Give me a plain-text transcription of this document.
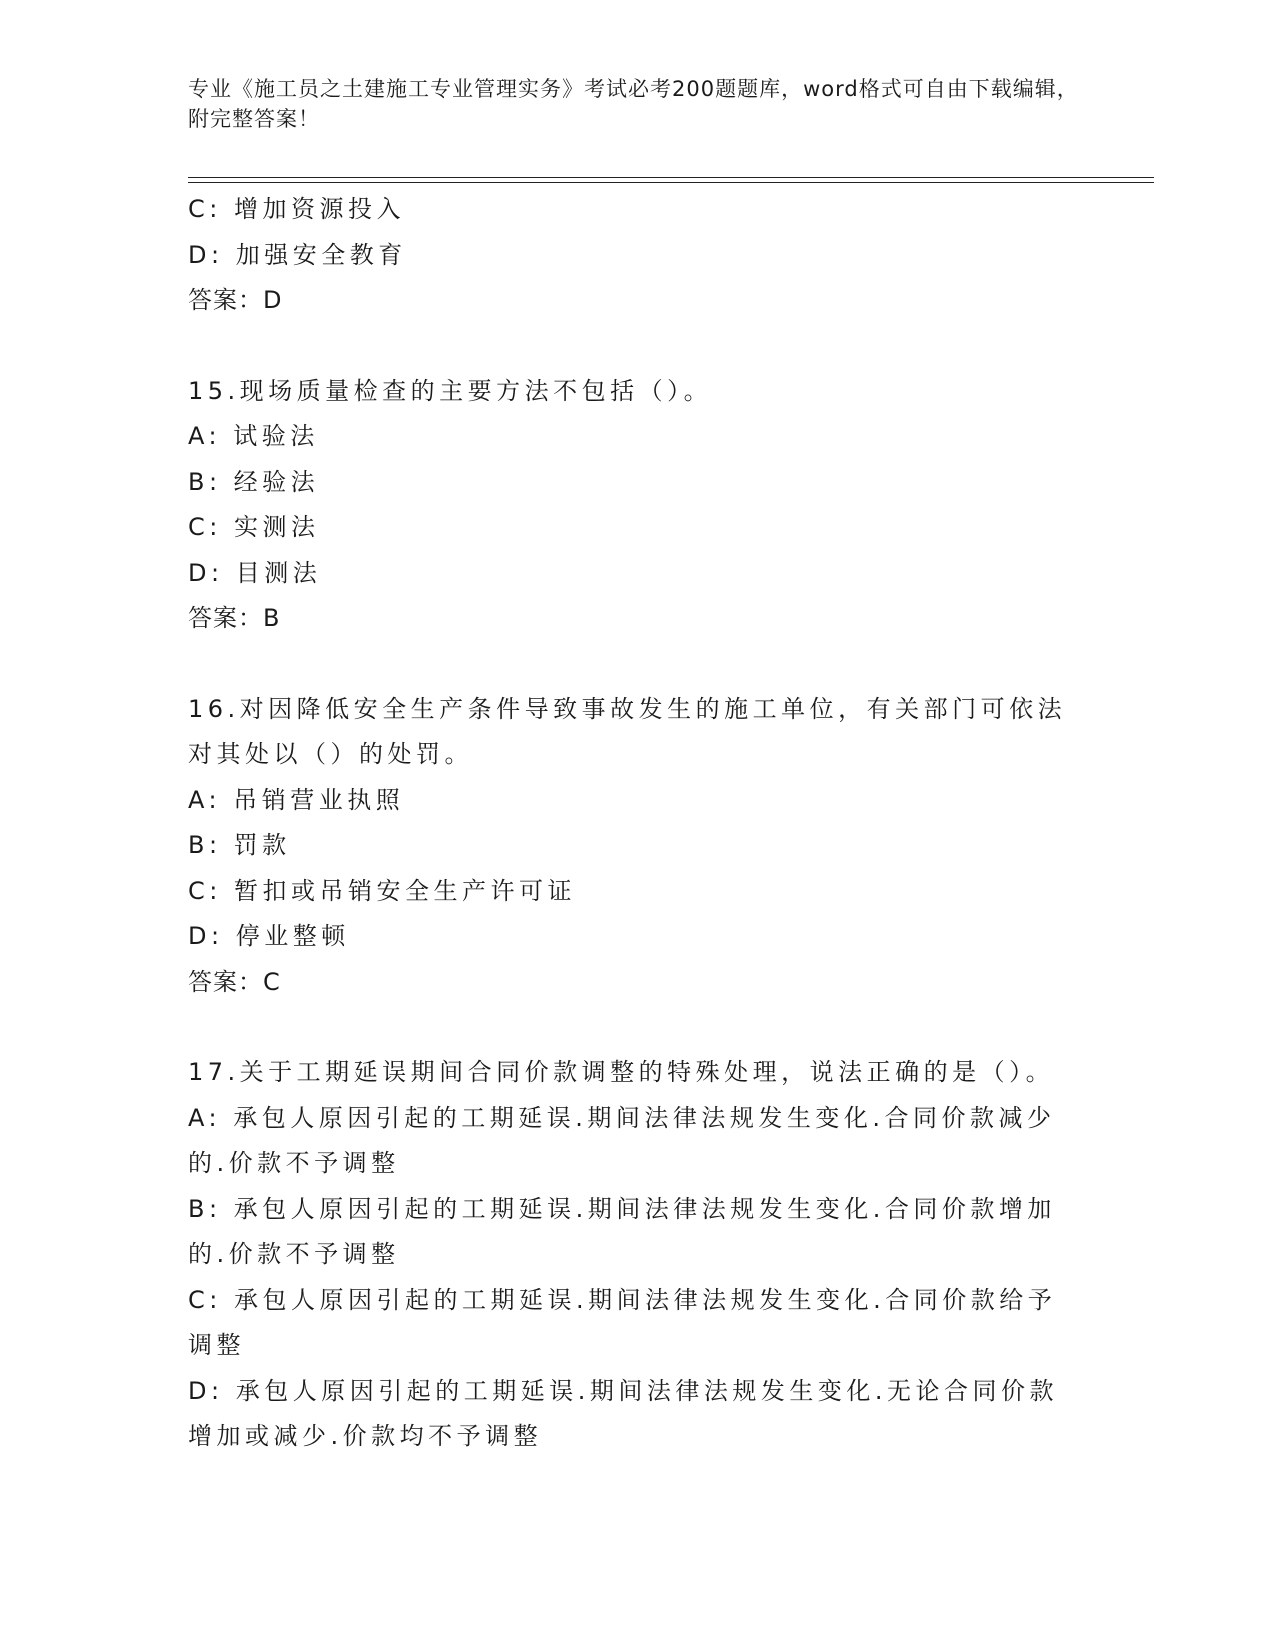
专业《施工员之土建施工专业管理实务》考试必考200题题库，word格式可自由下载编辑，附完整答案！
C: 增加资源投入
D: 加强安全教育
答案：D
15.现场质量检查的主要方法不包括（）。
A: 试验法
B: 经验法
C: 实测法
D: 目测法
答案：B
16.对因降低安全生产条件导致事故发生的施工单位，有关部门可依法
对其处以（）的处罚。
A: 吊销营业执照
B: 罚款
C: 暂扣或吊销安全生产许可证
D: 停业整顿
答案：C
17.关于工期延误期间合同价款调整的特殊处理，说法正确的是（）。
A: 承包人原因引起的工期延误.期间法律法规发生变化.合同价款减少
的.价款不予调整
B: 承包人原因引起的工期延误.期间法律法规发生变化.合同价款增加
的.价款不予调整
C: 承包人原因引起的工期延误.期间法律法规发生变化.合同价款给予
调整
D: 承包人原因引起的工期延误.期间法律法规发生变化.无论合同价款
增加或减少.价款均不予调整
